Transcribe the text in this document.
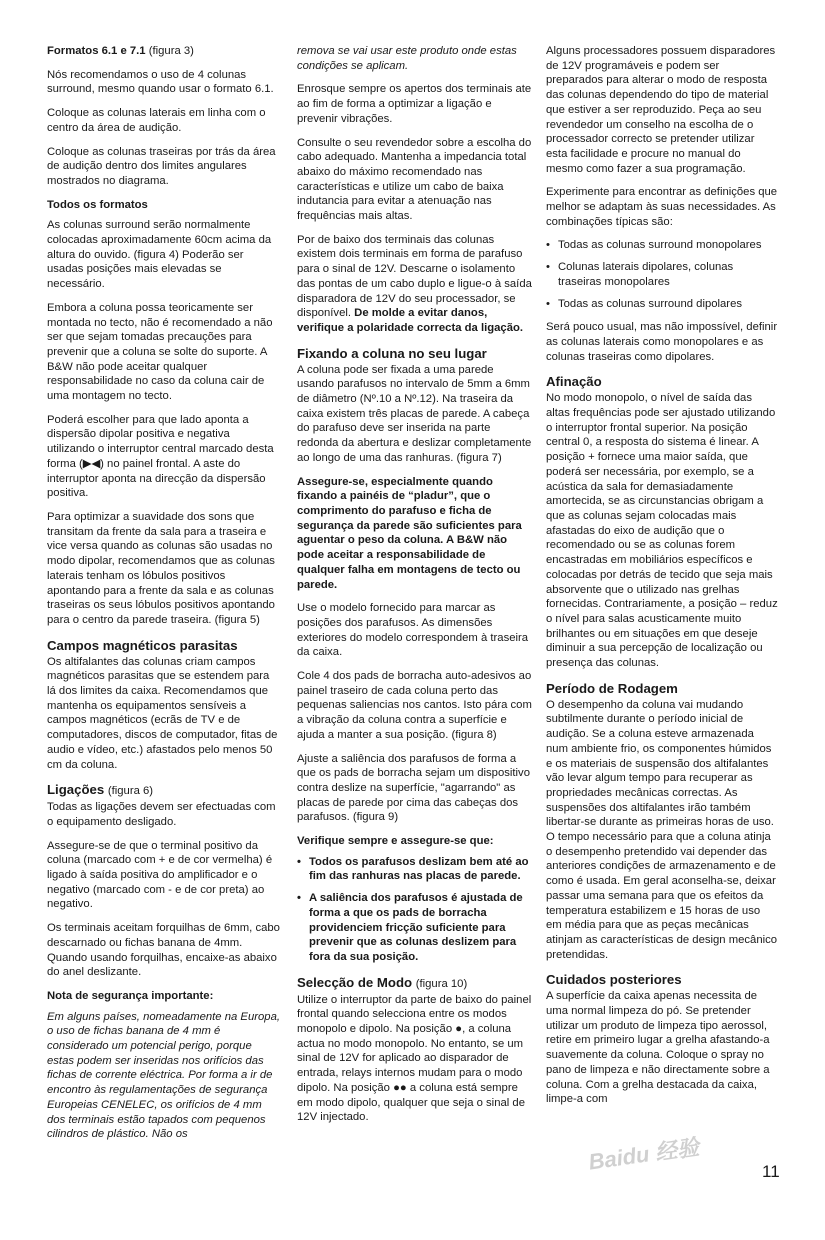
Formatos 6.1 e 7.1 (figura 3)

Nós recomendamos o uso de 4 colunas surround, mesmo quando usar o formato 6.1.

Coloque as colunas laterais em linha com o centro da área de audição.

Coloque as colunas traseiras por trás da área de audição dentro dos limites angulares mostrados no diagrama.

Todos os formatos

As colunas surround serão normalmente colocadas aproximadamente 60cm acima da altura do ouvido. (figura 4) Poderão ser usadas posições mais elevadas se necessário.

Embora a coluna possa teoricamente ser montada no tecto, não é recomendado a não ser que sejam tomadas precauções para prevenir que a coluna se solte do suporte. A B&W não pode aceitar qualquer responsabilidade no caso da coluna cair de uma montagem no tecto.

Poderá escolher para que lado aponta a dispersão dipolar positiva e negativa utilizando o interruptor central marcado desta forma (▶◀) no painel frontal. A aste do interruptor aponta na direcção da dispersão positiva.

Para optimizar a suavidade dos sons que transitam da frente da sala para a traseira e vice versa quando as colunas são usadas no modo dipolar, recomendamos que as colunas laterais tenham os lóbulos positivos apontando para a frente da sala e as colunas traseiras os seus lóbulos positivos apontando para o centro da parede traseira. (figura 5)

Campos magnéticos parasitas

Os altifalantes das colunas criam campos magnéticos parasitas que se estendem para lá dos limites da caixa. Recomendamos que mantenha os equipamentos sensíveis a campos magnéticos (ecrãs de TV e de computadores, discos de computador, fitas de audio e vídeo, etc.) afastados pelo menos 50 cm da coluna.

Ligações (figura 6)

Todas as ligações devem ser efectuadas com o equipamento desligado.

Assegure-se de que o terminal positivo da coluna (marcado com + e de cor vermelha) é ligado à saída positiva do amplificador e o negativo (marcado com - e de cor preta) ao negativo.

Os terminais aceitam forquilhas de 6mm, cabo descarnado ou fichas banana de 4mm. Quando usando forquilhas, encaixe-as abaixo do anel deslizante.

Nota de segurança importante:

Em alguns países, nomeadamente na Europa, o uso de fichas banana de 4 mm é considerado um potencial perigo, porque estas podem ser inseridas nos orifícios das fichas de corrente eléctrica. Por forma a ir de encontro às regulamentações de segurança Europeias CENELEC, os orifícios de 4 mm dos terminais estão tapados com pequenos cilindros de plástico. Não os

remova se vai usar este produto onde estas condições se aplicam.

Enrosque sempre os apertos dos terminais ate ao fim de forma a optimizar a ligação e prevenir vibrações.

Consulte o seu revendedor sobre a escolha do cabo adequado. Mantenha a impedancia total abaixo do máximo recomendado nas características e utilize um cabo de baixa indutancia para evitar a atenuação nas frequências mais altas.

Por de baixo dos terminais das colunas existem dois terminais em forma de parafuso para o sinal de 12V. Descarne o isolamento das pontas de um cabo duplo e ligue-o à saída disparadora de 12V do seu processador, se disponível. De molde a evitar danos, verifique a polaridade correcta da ligação.

Fixando a coluna no seu lugar

A coluna pode ser fixada a uma parede usando parafusos no intervalo de 5mm a 6mm de diâmetro (Nº.10 a Nº.12). Na traseira da caixa existem três placas de parede. A cabeça do parafuso deve ser inserida na parte redonda da abertura e deslizar completamente ao longo de uma das ranhuras. (figura 7)

Assegure-se, especialmente quando fixando a painéis de “pladur”, que o comprimento do parafuso e ficha de segurança da parede são suficientes para aguentar o peso da coluna. A B&W não pode aceitar a responsabilidade de qualquer falha em montagens de tecto ou parede.

Use o modelo fornecido para marcar as posições dos parafusos. As dimensões exteriores do modelo correspondem à traseira da caixa.

Cole 4 dos pads de borracha auto-adesivos ao painel traseiro de cada coluna perto das pequenas saliencias nos cantos. Isto pára com a vibração da coluna contra a superfície e ajuda a manter a sua posição. (figura 8)

Ajuste a saliência dos parafusos de forma a que os pads de borracha sejam um dispositivo contra deslize na superfície, "agarrando" as placas de parede por cima das cabeças dos parafusos. (figura 9)

Verifique sempre e assegure-se que:

• Todos os parafusos deslizam bem até ao fim das ranhuras nas placas de parede.
• A saliência dos parafusos é ajustada de forma a que os pads de borracha providenciem fricção suficiente para prevenir que as colunas deslizem para fora da sua posição.
Selecção de Modo (figura 10)

Utilize o interruptor da parte de baixo do painel frontal quando selecciona entre os modos monopolo e dipolo. Na posição ●, a coluna actua no modo monopolo. No entanto, se um sinal de 12V for aplicado ao disparador de entrada, relays internos mudam para o modo dipolo. Na posição ●● a coluna está sempre em modo dipolo, qualquer que seja o sinal de 12V injectado.

Alguns processadores possuem disparadores de 12V programáveis e podem ser preparados para alterar o modo de resposta das colunas dependendo do tipo de material que estiver a ser reproduzido. Peça ao seu revendedor um conselho na escolha de o processador correcto se pretender utilizar esta facilidade e procure no manual do mesmo como fazer a sua programação.

Experimente para encontrar as definições que melhor se adaptam às suas necessidades. As combinações típicas são:

• Todas as colunas surround monopolares
• Colunas laterais dipolares, colunas traseiras monopolares
• Todas as colunas surround dipolares

Será pouco usual, mas não impossível, definir as colunas laterais como monopolares e as colunas traseiras como dipolares.

Afinação

No modo monopolo, o nível de saída das altas frequências pode ser ajustado utilizando o interruptor frontal superior. Na posição central 0, a resposta do sistema é linear. A posição + fornece uma maior saída, que poderá ser necessária, por exemplo, se a acústica da sala for demasiadamente amortecida, se as circunstancias obrigam a que as colunas sejam colocadas mais afastadas do eixo de audição que o recomendado ou se as colunas forem encastradas em mobiliários específicos e colocadas por detrás de tecido que seja mais absorvente que o utilizado nas grelhas fornecidas. Contrariamente, a posição – reduz o nível para salas acusticamente muito brilhantes ou em situações em que deseje diminuir a sua percepção de localização ou presença das colunas.

Período de Rodagem

O desempenho da coluna vai mudando subtilmente durante o período inicial de audição. Se a coluna esteve armazenada num ambiente frio, os componentes húmidos e os materiais de suspensão dos altifalantes vão levar algum tempo para recuperar as propriedades mecânicas correctas. As suspensões dos altifalantes irão também libertar-se durante as primeiras horas de uso. O tempo necessário para que a coluna atinja o desempenho pretendido vai depender das anteriores condições de armazenamento e de como é usada. Em geral aconselha-se, deixar passar uma semana para que os efeitos da temperatura estabilizem e 15 horas de uso em média para que as peças mecânicas atinjam as características de design mecânico pretendidas.

Cuidados posteriores

A superfície da caixa apenas necessita de uma normal limpeza do pó. Se pretender utilizar um produto de limpeza tipo aerossol, retire em primeiro lugar a grelha afastando-a suavemente da coluna. Coloque o spray no pano de limpeza e não directamente sobre a coluna. Com a grelha destacada da caixa, limpe-a com

Baidu 经验	11
